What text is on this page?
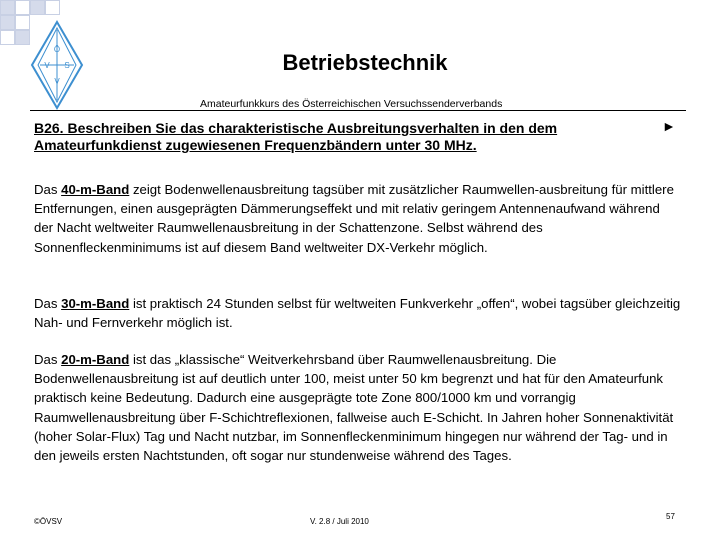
Ö
V S
V
Betriebstechnik
Amateurfunkkurs des Österreichischen Versuchssenderverbands
B26. Beschreiben Sie das charakteristische Ausbreitungsverhalten in den dem Amateurfunkdienst zugewiesenen Frequenzbändern unter 30 MHz.
►
Das 40-m-Band zeigt Bodenwellenausbreitung tagsüber mit zusätzlicher Raumwellen-ausbreitung für mittlere Entfernungen, einen ausgeprägten Dämmerungseffekt und mit relativ geringem Antennenaufwand während der Nacht weltweiter Raumwellenausbreitung in der Schattenzone. Selbst während des Sonnenfleckenminimums ist auf diesem Band weltweiter DX-Verkehr möglich.
Das 30-m-Band ist praktisch 24 Stunden selbst für weltweiten Funkverkehr „offen“, wobei tagsüber gleichzeitig Nah- und Fernverkehr möglich ist.
Das 20-m-Band ist das „klassische“ Weitverkehrsband über Raumwellenausbreitung. Die Bodenwellenausbreitung ist auf deutlich unter 100, meist unter 50 km begrenzt und hat für den Amateurfunk praktisch keine Bedeutung. Dadurch eine ausgeprägte tote Zone 800/1000 km und vorrangig Raumwellenausbreitung über F-Schichtreflexionen, fallweise auch E-Schicht. In Jahren hoher Sonnenaktivität (hoher Solar-Flux) Tag und Nacht nutzbar, im Sonnenfleckenminimum hingegen nur während der Tag- und in den jeweils ersten Nachtstunden, oft sogar nur stundenweise während des Tages.
©ÖVSV	V. 2.8 / Juli 2010
57
